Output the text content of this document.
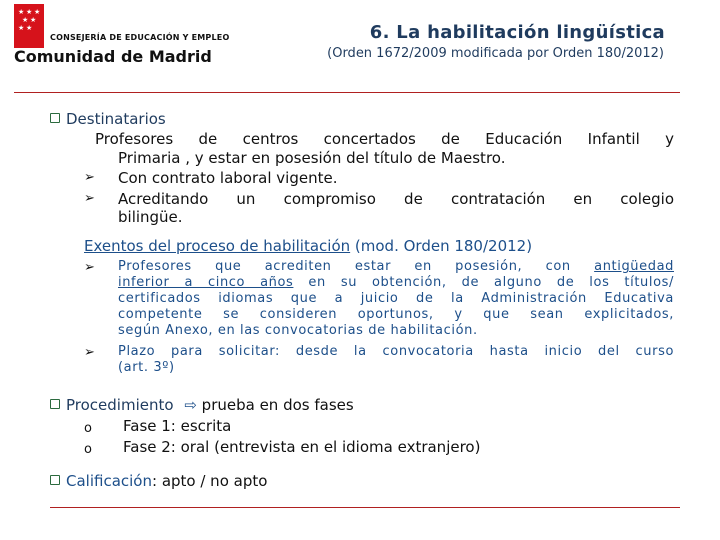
★ ★ ★
★ ★
★ ★
CONSEJERÍA DE EDUCACIÓN Y EMPLEO
Comunidad de Madrid
6. La habilitación lingüística
(Orden 1672/2009 modificada por Orden 180/2012)
Destinatarios
Profesores de centros concertados de Educación Infantil y
Primaria , y estar en posesión del título de Maestro.
➢ Con contrato laboral vigente.
➢ Acreditando un compromiso de contratación en colegio
bilingüe.
Exentos del proceso de habilitación (mod. Orden 180/2012)
➢ Profesores que acrediten estar en posesión, con antigüedad
inferior a cinco años en su obtención, de alguno de los títulos/
certificados idiomas que a juicio de la Administración Educativa
competente se consideren oportunos, y que sean explicitados,
según Anexo, en las convocatorias de habilitación.
➢ Plazo para solicitar: desde la convocatoria hasta inicio del curso
(art. 3º)
Procedimiento ⇨ prueba en dos fases
o Fase 1: escrita
o Fase 2: oral (entrevista en el idioma extranjero)
Calificación: apto / no apto
